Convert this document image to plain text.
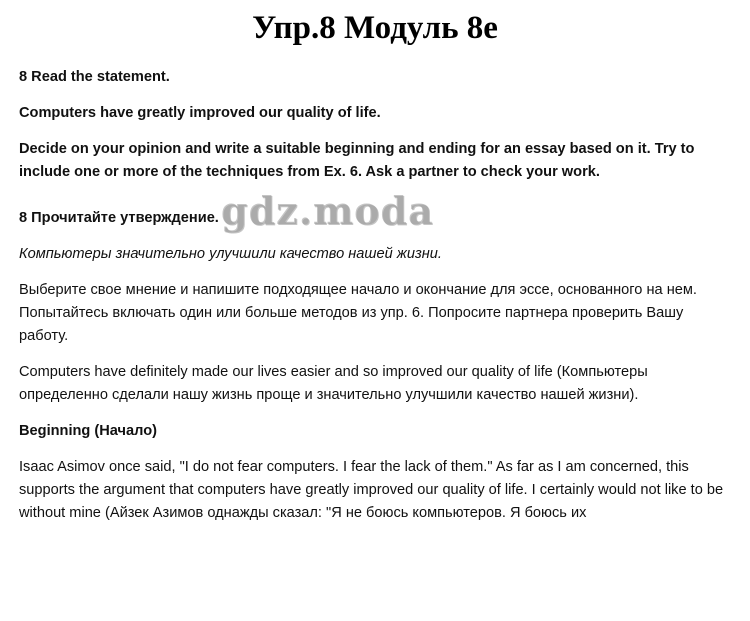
Упр.8 Модуль 8e

8 Read the statement.

Computers have greatly improved our quality of life.

Decide on your opinion and write a suitable beginning and ending for an essay based on it. Try to include one or more of the techniques from Ex. 6. Ask a partner to check your work.

8 Прочитайте утверждение.gdz.moda

Компьютеры значительно улучшили качество нашей жизни.

Выберите свое мнение и напишите подходящее начало и окончание для эссе, основанного на нем. Попытайтесь включать один или больше методов из упр. 6. Попросите партнера проверить Вашу работу.

Computers have definitely made our lives easier and so improved our quality of life (Компьютеры определенно сделали нашу жизнь проще и значительно улучшили качество нашей жизни).

Beginning (Начало)

Isaac Asimov once said, "I do not fear computers. I fear the lack of them." As far as I am concerned, this supports the argument that computers have greatly improved our quality of life. I certainly would not like to be without mine (Айзек Азимов однажды сказал: "Я не боюсь компьютеров. Я боюсь их
